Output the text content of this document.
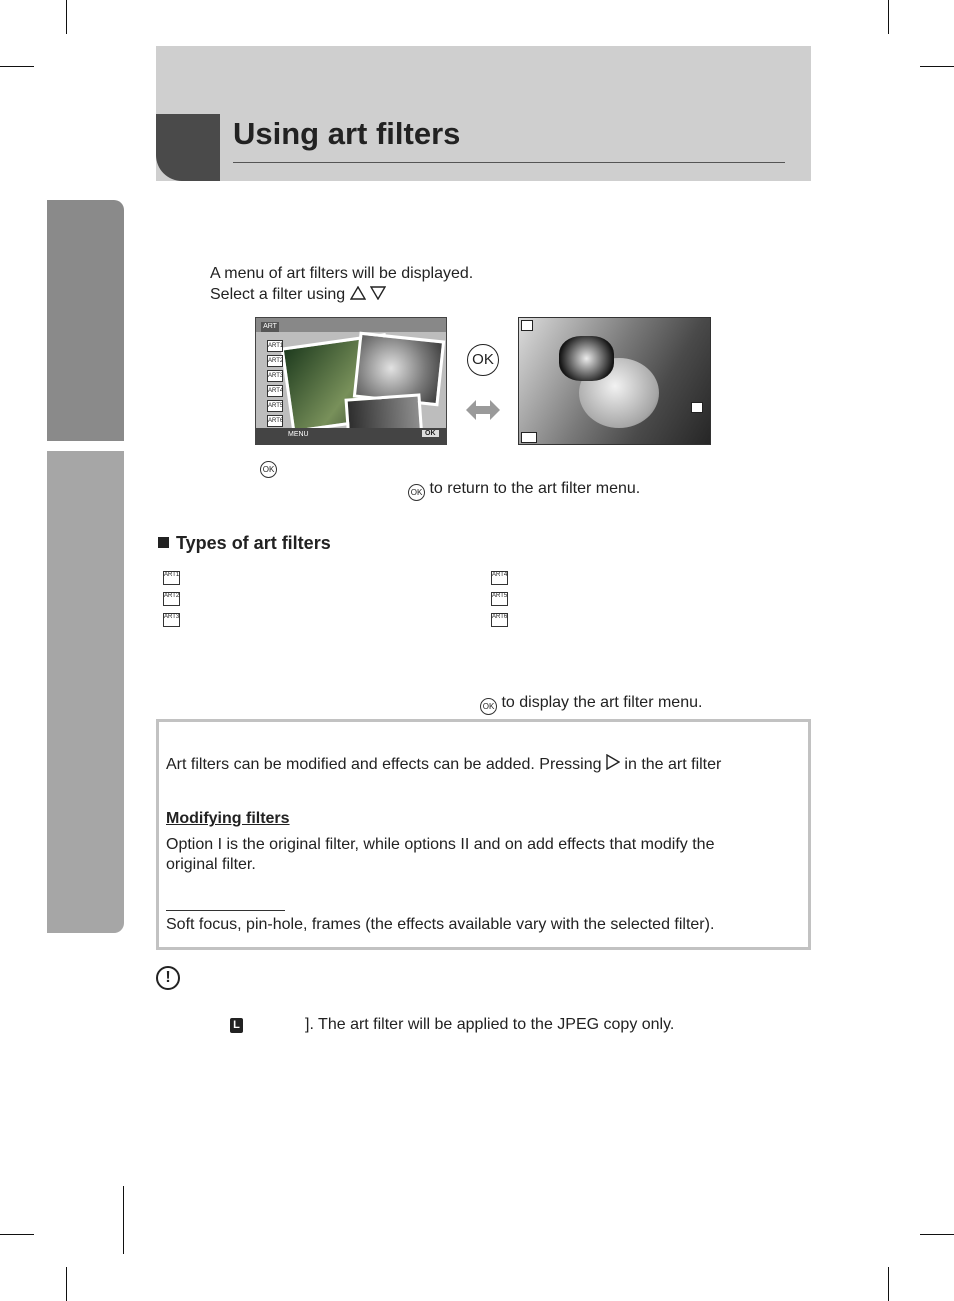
Using art filters
A menu of art filters will be displayed.
Select a filter using
ART
ART1
ART2
ART3
ART4
ART5
ART6
MENU	OK
OK
OK
OK to return to the art filter menu.
Types of art filters
ART1
ART2
ART3
ART4
ART5
ART6
OK to display the art filter menu.
Art filters can be modified and effects can be added. Pressing in the art filter
Modifying filters
Option I is the original filter, while options II and on add effects that modify the original filter.
Soft focus, pin-hole, frames (the effects available vary with the selected filter).
!
L	]. The art filter will be applied to the JPEG copy only.
